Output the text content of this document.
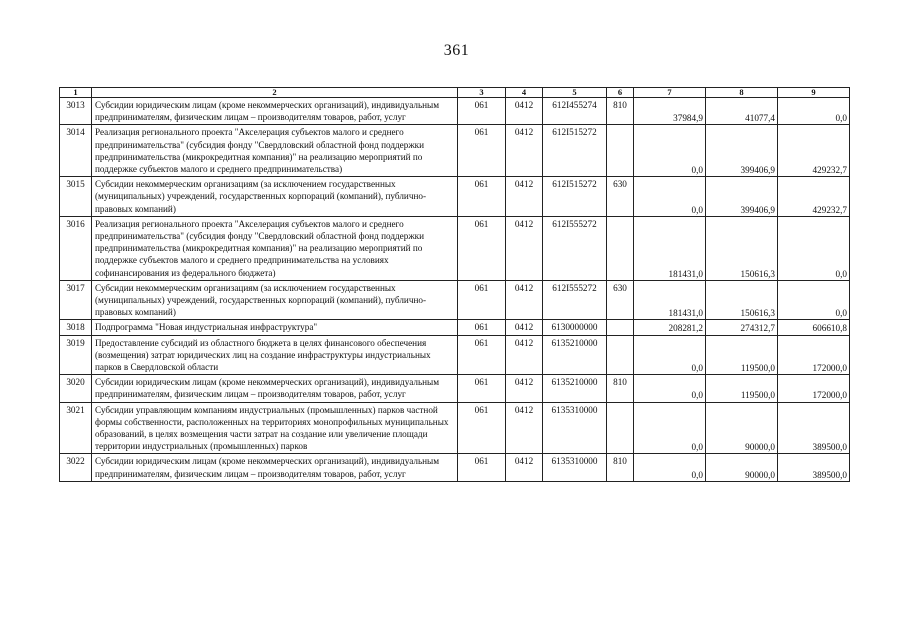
361
1	2	3	4	5	6	7	8	9
3013	Субсидии юридическим лицам (кроме некоммерческих организаций), индивидуальным предпринимателям, физическим лицам – производителям товаров, работ, услуг	061	0412	612I455274	810	37984,9	41077,4	0,0
3014	Реализация регионального проекта "Акселерация субъектов малого и среднего предпринимательства" (субсидия фонду "Свердловский областной фонд поддержки предпринимательства (микрокредитная компания)" на реализацию мероприятий по поддержке субъектов малого и среднего предпринимательства)	061	0412	612I515272		0,0	399406,9	429232,7
3015	Субсидии некоммерческим организациям (за исключением государственных (муниципальных) учреждений, государственных корпораций (компаний), публично-правовых компаний)	061	0412	612I515272	630	0,0	399406,9	429232,7
3016	Реализация регионального проекта "Акселерация субъектов малого и среднего предпринимательства" (субсидия фонду "Свердловский областной фонд поддержки предпринимательства (микрокредитная компания)" на реализацию мероприятий по поддержке субъектов малого и среднего предпринимательства на условиях софинансирования из федерального бюджета)	061	0412	612I555272		181431,0	150616,3	0,0
3017	Субсидии некоммерческим организациям (за исключением государственных (муниципальных) учреждений, государственных корпораций (компаний), публично-правовых компаний)	061	0412	612I555272	630	181431,0	150616,3	0,0
3018	Подпрограмма "Новая индустриальная инфраструктура"	061	0412	6130000000		208281,2	274312,7	606610,8
3019	Предоставление субсидий из областного бюджета в целях финансового обеспечения (возмещения) затрат юридических лиц на создание инфраструктуры индустриальных парков в Свердловской области	061	0412	6135210000		0,0	119500,0	172000,0
3020	Субсидии юридическим лицам (кроме некоммерческих организаций), индивидуальным предпринимателям, физическим лицам – производителям товаров, работ, услуг	061	0412	6135210000	810	0,0	119500,0	172000,0
3021	Субсидии управляющим компаниям индустриальных (промышленных) парков частной формы собственности, расположенных на территориях монопрофильных муниципальных образований, в целях возмещения части затрат на создание или увеличение площади территории индустриальных (промышленных) парков	061	0412	6135310000		0,0	90000,0	389500,0
3022	Субсидии юридическим лицам (кроме некоммерческих организаций), индивидуальным предпринимателям, физическим лицам – производителям товаров, работ, услуг	061	0412	6135310000	810	0,0	90000,0	389500,0
